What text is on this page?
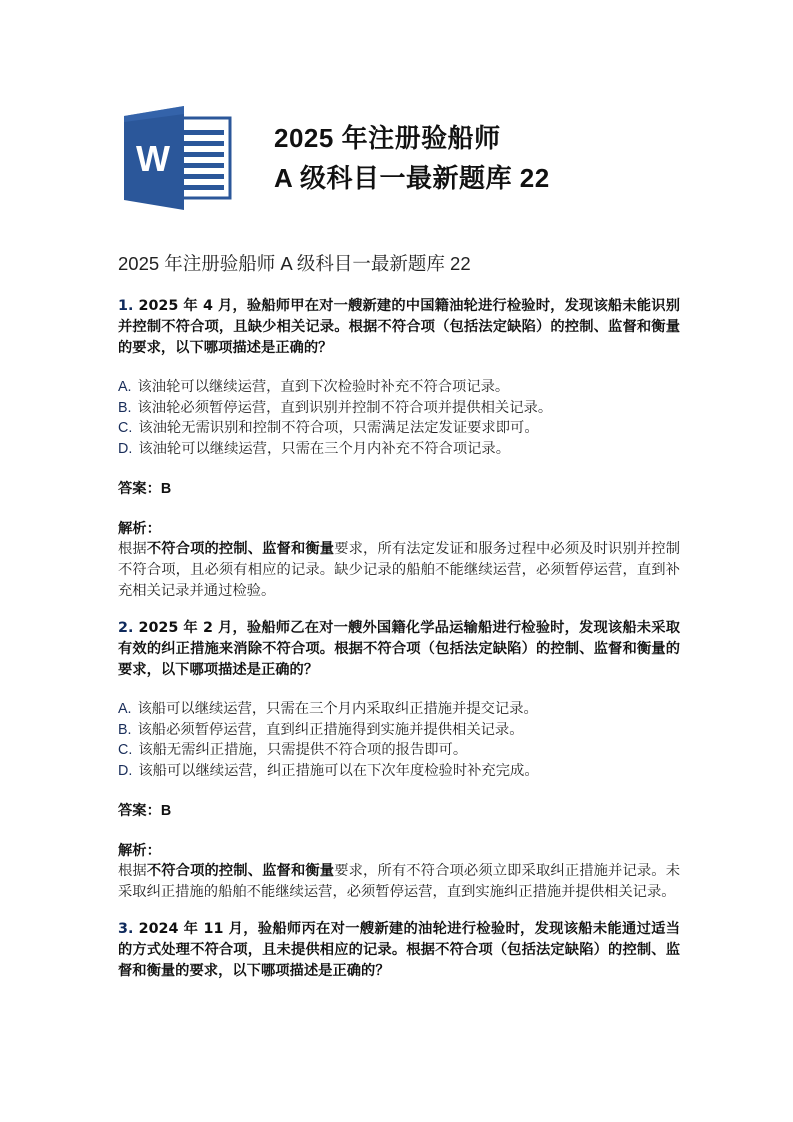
W	2025 年注册验船师
A 级科目一最新题库 22
2025 年注册验船师 A 级科目一最新题库 22
1. 2025 年 4 月，验船师甲在对一艘新建的中国籍油轮进行检验时，发现该船未能识别并控制不符合项，且缺少相关记录。根据不符合项（包括法定缺陷）的控制、监督和衡量的要求，以下哪项描述是正确的？
A. 该油轮可以继续运营，直到下次检验时补充不符合项记录。
B. 该油轮必须暂停运营，直到识别并控制不符合项并提供相关记录。
C. 该油轮无需识别和控制不符合项，只需满足法定发证要求即可。
D. 该油轮可以继续运营，只需在三个月内补充不符合项记录。
答案：B
解析：
根据不符合项的控制、监督和衡量要求，所有法定发证和服务过程中必须及时识别并控制不符合项，且必须有相应的记录。缺少记录的船舶不能继续运营，必须暂停运营，直到补充相关记录并通过检验。
2. 2025 年 2 月，验船师乙在对一艘外国籍化学品运输船进行检验时，发现该船未采取有效的纠正措施来消除不符合项。根据不符合项（包括法定缺陷）的控制、监督和衡量的要求，以下哪项描述是正确的？
A. 该船可以继续运营，只需在三个月内采取纠正措施并提交记录。
B. 该船必须暂停运营，直到纠正措施得到实施并提供相关记录。
C. 该船无需纠正措施，只需提供不符合项的报告即可。
D. 该船可以继续运营，纠正措施可以在下次年度检验时补充完成。
答案：B
解析：
根据不符合项的控制、监督和衡量要求，所有不符合项必须立即采取纠正措施并记录。未采取纠正措施的船舶不能继续运营，必须暂停运营，直到实施纠正措施并提供相关记录。
3. 2024 年 11 月，验船师丙在对一艘新建的油轮进行检验时，发现该船未能通过适当的方式处理不符合项，且未提供相应的记录。根据不符合项（包括法定缺陷）的控制、监督和衡量的要求，以下哪项描述是正确的？
